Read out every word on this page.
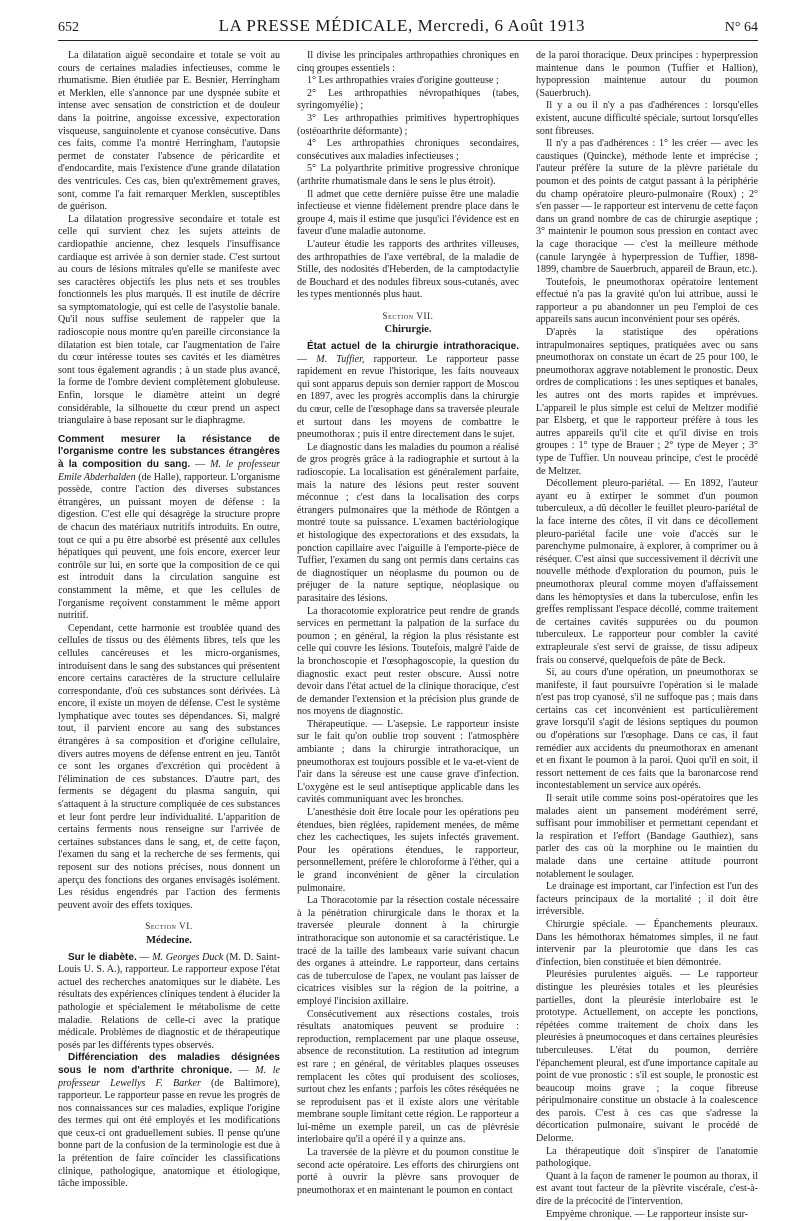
652	LA PRESSE MÉDICALE, Mercredi, 6 Août 1913	N° 64

La dilatation aiguë secondaire et totale se voit au cours de certaines maladies infectieuses, comme le rhumatisme. Bien étudiée par E. Besnier, Herringham et Merklen, elle s'annonce par une dyspnée subite et intense avec sensation de constriction et de douleur dans la poitrine, angoisse excessive, expectoration visqueuse, sanguinolente et cyanose consécutive. Dans ces faits, comme l'a montré Herringham, l'autopsie permet de constater l'absence de péricardite et d'endocardite, mais l'existence d'une grande dilatation des ventricules. Ces cas, bien qu'extrêmement graves, sont, comme l'a fait remarquer Merklen, susceptibles de guérison.

La dilatation progressive secondaire et totale est celle qui survient chez les sujets atteints de cardiopathie ancienne, chez lesquels l'insuffisance cardiaque est arrivée à son dernier stade. C'est surtout au cours de lésions mitrales qu'elle se manifeste avec ses caractères objectifs les plus nets et ses troubles fonctionnels les plus marqués. Il est inutile de décrire sa symptomatologie, qui est celle de l'asystolie banale. Qu'il nous suffise seulement de rappeler que la radioscopie nous montre qu'en pareille circonstance la dilatation est bien totale, car l'augmentation de l'aire du cœur intéresse toutes ses cavités et les diamètres sont tous également agrandis ; à un stade plus avancé, la forme de l'ombre devient complètement globuleuse. Enfin, lorsque le diamètre atteint un degré considérable, la silhouette du cœur prend un aspect triangulaire à base reposant sur le diaphragme.

Comment mesurer la résistance de l'organisme contre les substances étrangères à la composition du sang. — M. le professeur Emile Abderhalden (de Halle), rapporteur. L'organisme possède, contre l'action des diverses substances étrangères, un puissant moyen de défense : la digestion. C'est elle qui désagrège la structure propre de chacun des matériaux nutritifs introduits. En outre, tout ce qui a pu être absorbé est présenté aux cellules hépatiques qui peuvent, une fois encore, exercer leur contrôle sur lui, en sorte que la composition de ce qui est introduit dans la circulation sanguine est constamment la même, et que les cellules de l'organisme reçoivent constamment le même apport nutritif.

Cependant, cette harmonie est troublée quand des cellules de tissus ou des éléments libres, tels que les cellules cancéreuses et les micro-organismes, introduisent dans le sang des substances qui présentent encore certains caractères de la structure cellulaire correspondante, d'où ces substances sont dérivées. Là encore, il existe un moyen de défense. C'est le système lymphatique avec toutes ses dépendances. Si, malgré tout, il parvient encore au sang des substances étrangères à sa composition et d'origine cellulaire, divers autres moyens de défense entrent en jeu. Tantôt ce sont les organes d'excrétion qui procèdent à l'élimination de ces substances. D'autre part, des ferments se dégagent du plasma sanguin, qui s'attaquent à la structure compliquée de ces substances et leur font perdre leur individualité. L'apparition de certains ferments nous renseigne sur l'arrivée de certaines substances dans le sang, et, de cette façon, l'examen du sang et la recherche de ses ferments, qui reposent sur des notions précises, nous donnent un aperçu des fonctions des organes envisagés isolément. Les résidus engendrés par l'action des ferments peuvent avoir des effets toxiques.

Section VI.
Médecine.

Sur le diabète. — M. Georges Duck (M. D. Saint-Louis U. S. A.), rapporteur. Le rapporteur expose l'état actuel des recherches anatomiques sur le diabète. Les résultats des expériences cliniques tendent à élucider la pathologie et spécialement le métabolisme de cette maladie. Relations de celle-ci avec la pratique médicale. Problèmes de diagnostic et de thérapeutique posés par les différents types observés.

Différenciation des maladies désignées sous le nom d'arthrite chronique. — M. le professeur Lewellys F. Barker (de Baltimore), rapporteur. Le rapporteur passe en revue les progrès de nos connaissances sur ces maladies, explique l'origine des termes qui ont été employés et les modifications que ceux-ci ont graduellement subies. Il pense qu'une bonne part de la confusion de la terminologie est due à la prétention de faire coïncider les classifications clinique, pathologique, anatomique et étiologique, tâche impossible.

Il divise les principales arthropathies chroniques en cinq groupes essentiels :

1° Les arthropathies vraies d'origine goutteuse ;

2° Les arthropathies névropathiques (tabes, syringomyélie) ;

3° Les arthropathies primitives hypertrophiques (ostéoarthrite déformante) ;

4° Les arthropathies chroniques secondaires, consécutives aux maladies infectieuses ;

5° La polyarthrite primitive progressive chronique (arthrite rhumatismale dans le sens le plus étroit).

Il admet que cette dernière puisse être une maladie infectieuse et vienne fidèlement prendre place dans le groupe 4, mais il estime que jusqu'ici l'évidence est en faveur d'une maladie autonome.

L'auteur étudie les rapports des arthrites villeuses, des arthropathies de l'axe vertébral, de la maladie de Stille, des nodosités d'Heberden, de la camptodactylie de Bouchard et des nodules fibreux sous-cutanés, avec les types mentionnés plus haut.

Section VII.
Chirurgie.

État actuel de la chirurgie intrathoracique. — M. Tuffier, rapporteur. Le rapporteur passe rapidement en revue l'historique, les faits nouveaux qui sont apparus depuis son dernier rapport de Moscou en 1897, avec les progrès accomplis dans la chirurgie du cœur, celle de l'œsophage dans sa traversée pleurale et surtout dans les moyens de combattre le pneumothorax ; puis il entre directement dans le sujet.

Le diagnostic dans les maladies du poumon a réalisé de gros progrès grâce à la radiographie et surtout à la radioscopie. La localisation est généralement parfaite, mais la nature des lésions peut rester souvent méconnue ; c'est dans la localisation des corps étrangers pulmonaires que la méthode de Röntgen a montré toute sa puissance. L'examen bactériologique et histologique des expectorations et des exsudats, la ponction capillaire avec l'aiguille à l'emporte-pièce de Tuffier, l'examen du sang ont permis dans certains cas de diagnostiquer un néoplasme du poumon ou de préjuger de la nature septique, néoplasique ou parasitaire des lésions.

La thoracotomie exploratrice peut rendre de grands services en permettant la palpation de la surface du poumon ; en général, la région la plus résistante est celle qui couvre les lésions. Toutefois, malgré l'aide de la bronchoscopie et l'œsophagoscopie, la question du diagnostic exact peut rester obscure. Aussi notre devoir dans l'état actuel de la clinique thoracique, c'est de demander l'extension et la précision plus grande de nos moyens de diagnostic.

Thérapeutique. — L'asepsie. Le rapporteur insiste sur le fait qu'on oublie trop souvent : l'atmosphère ambiante ; dans la chirurgie intrathoracique, un pneumothorax est toujours possible et le va-et-vient de l'air dans la séreuse est une cause grave d'infection. L'oxygène est le seul antiseptique applicable dans les cavités communiquant avec les bronches.

L'anesthésie doit être locale pour les opérations peu étendues, bien réglées, rapidement menées, de même chez les cachectiques, les sujets infectés gravement. Pour les opérations étendues, le rapporteur, personnellement, préfère le chloroforme à l'éther, qui a le grand inconvénient de gêner la circulation pulmonaire.

La Thoracotomie par la résection costale nécessaire à la pénétration chirurgicale dans le thorax et la traversée pleurale donnent à la chirurgie intrathoracique son autonomie et sa caractéristique. Le tracé de la taille des lambeaux varie suivant chacun des organes à atteindre. Le rapporteur, dans certains cas de tuberculose de l'apex, ne voulant pas laisser de cicatrices visibles sur la région de la poitrine, a employé l'incision axillaire.

Consécutivement aux résections costales, trois résultats anatomiques peuvent se produire : reproduction, remplacement par une plaque osseuse, absence de reconstitution. La restitution ad integrum est rare ; en général, de véritables plaques osseuses remplacent les côtes qui produisent des scolioses, surtout chez les enfants ; parfois les côtes réséquées ne se reproduisent pas et il existe alors une véritable membrane souple limitant cette région. Le rapporteur a lui-même un exemple pareil, un cas de plèvrésie interlobaire qu'il a opéré il y a quinze ans.

La traversée de la plèvre et du poumon constitue le second acte opératoire. Les efforts des chirurgiens ont porté à ouvrir la plèvre sans provoquer de pneumothorax et en maintenant le poumon en contact

de la paroi thoracique. Deux principes : hyperpression maintenue dans le poumon (Tuffier et Hallion), hypopression maintenue autour du poumon (Sauerbruch).

Il y a ou il n'y a pas d'adhérences : lorsqu'elles existent, aucune difficulté spéciale, surtout lorsqu'elles sont fibreuses.

Il n'y a pas d'adhérences : 1° les créer — avec les caustiques (Quincke), méthode lente et imprécise ; l'auteur préfère la suture de la plèvre pariétale du poumon et des points de catgut passant à la périphérie du champ opératoire pleuro-pulmonaire (Roux) ; 2° s'en passer — le rapporteur est intervenu de cette façon dans un grand nombre de cas de chirurgie aseptique ; 3° maintenir le poumon sous pression en contact avec la cage thoracique — c'est la meilleure méthode (canule laryngée à hyperpression de Tuffier, 1898-1899, chambre de Sauerbruch, appareil de Braun, etc.).

Toutefois, le pneumothorax opératoire lentement effectué n'a pas la gravité qu'on lui attribue, aussi le rapporteur a pu abandonner un peu l'emploi de ces appareils sans aucun inconvénient pour ses opérés.

D'après la statistique des opérations intrapulmonaires septiques, pratiquées avec ou sans pneumothorax on constate un écart de 25 pour 100, le pneumothorax aggrave notablement le pronostic. Deux ordres de complications : les unes septiques et banales, les autres ont des morts rapides et imprévues. L'appareil le plus simple est celui de Meltzer modifié par Elsberg, et que le rapporteur préfère à tous les autres appareils qu'il cite et qu'il divise en trois groupes : 1° type de Brauer ; 2° type de Meyer ; 3° type de Tuffier. Un nouveau principe, c'est le procédé de Meltzer.

Décollement pleuro-pariétal. — En 1892, l'auteur ayant eu à extirper le sommet d'un poumon tuberculeux, a dû décoller le feuillet pleuro-pariétal de la face interne des côtes, il vit dans ce décollement pleuro-pariétal facile une voie d'accès sur le parenchyme pulmonaire, à explorer, à comprimer ou à réséquer. C'est ainsi que successivement il décrivit une nouvelle méthode d'exploration du poumon, puis le pneumothorax pleural comme moyen d'affaissement dans les hémoptysies et dans la tuberculose, enfin les greffes remplissant l'espace décollé, comme traitement de certaines cavités suppurées ou du poumon tuberculeux. Le rapporteur pour combler la cavité extrapleurale s'est servi de graisse, de tissu adipeux frais ou conservé, quelquefois de pâte de Beck.

Si, au cours d'une opération, un pneumothorax se manifeste, il faut poursuivre l'opération si le malade n'est pas trop cyanosé, s'il ne suffoque pas ; mais dans certains cas cet inconvénient est particulièrement grave lorsqu'il s'agit de lésions septiques du poumon ou d'opérations sur l'œsophage. Dans ce cas, il faut remédier aux accidents du pneumothorax en amenant et en fixant le poumon à la paroi. Quoi qu'il en soit, il ressort nettement de ces faits que la baronarcose rend incontestablement un service aux opérés.

Il serait utile comme soins post-opératoires que les malades aient un pansement modérément serré, suffisant pour immobiliser et permettant cependant et la respiration et l'effort (Bandage Gauthiez), sans parler des cas où la morphine ou le maintien du malade dans une certaine attitude pourront notablement le soulager.

Le drainage est important, car l'infection est l'un des facteurs principaux de la mortalité ; il doit être irréversible.

Chirurgie spéciale. — Épanchements pleuraux. Dans les hémothorax hématomes simples, il ne faut intervenir par la pleurotomie que dans les cas d'infection, bien constituée et bien démontrée.

Pleurésies purulentes aiguës. — Le rapporteur distingue les pleurésies totales et les pleurésies partielles, dont la pleurésie interlobaire est le prototype. Actuellement, on accepte les ponctions, répétées comme traitement de choix dans les pleurésies à pneumocoques et dans certaines pleurésies tuberculeuses. L'état du poumon, derrière l'épanchement pleural, est d'une importance capitale au point de vue pronostic : s'il est souple, le pronostic est beaucoup moins grave ; la coque fibreuse péripulmonaire constitue un obstacle à la coalescence des parois. C'est à ces cas que s'adresse la décortication pulmonaire, suivant le procédé de Delorme.

La thérapeutique doit s'inspirer de l'anatomie pathologique.

Quant à la façon de ramener le poumon au thorax, il est avant tout facteur de la plèvrite viscérale, c'est-à-dire de la précocité de l'intervention.

Empyème chronique. — Le rapporteur insiste sur-
